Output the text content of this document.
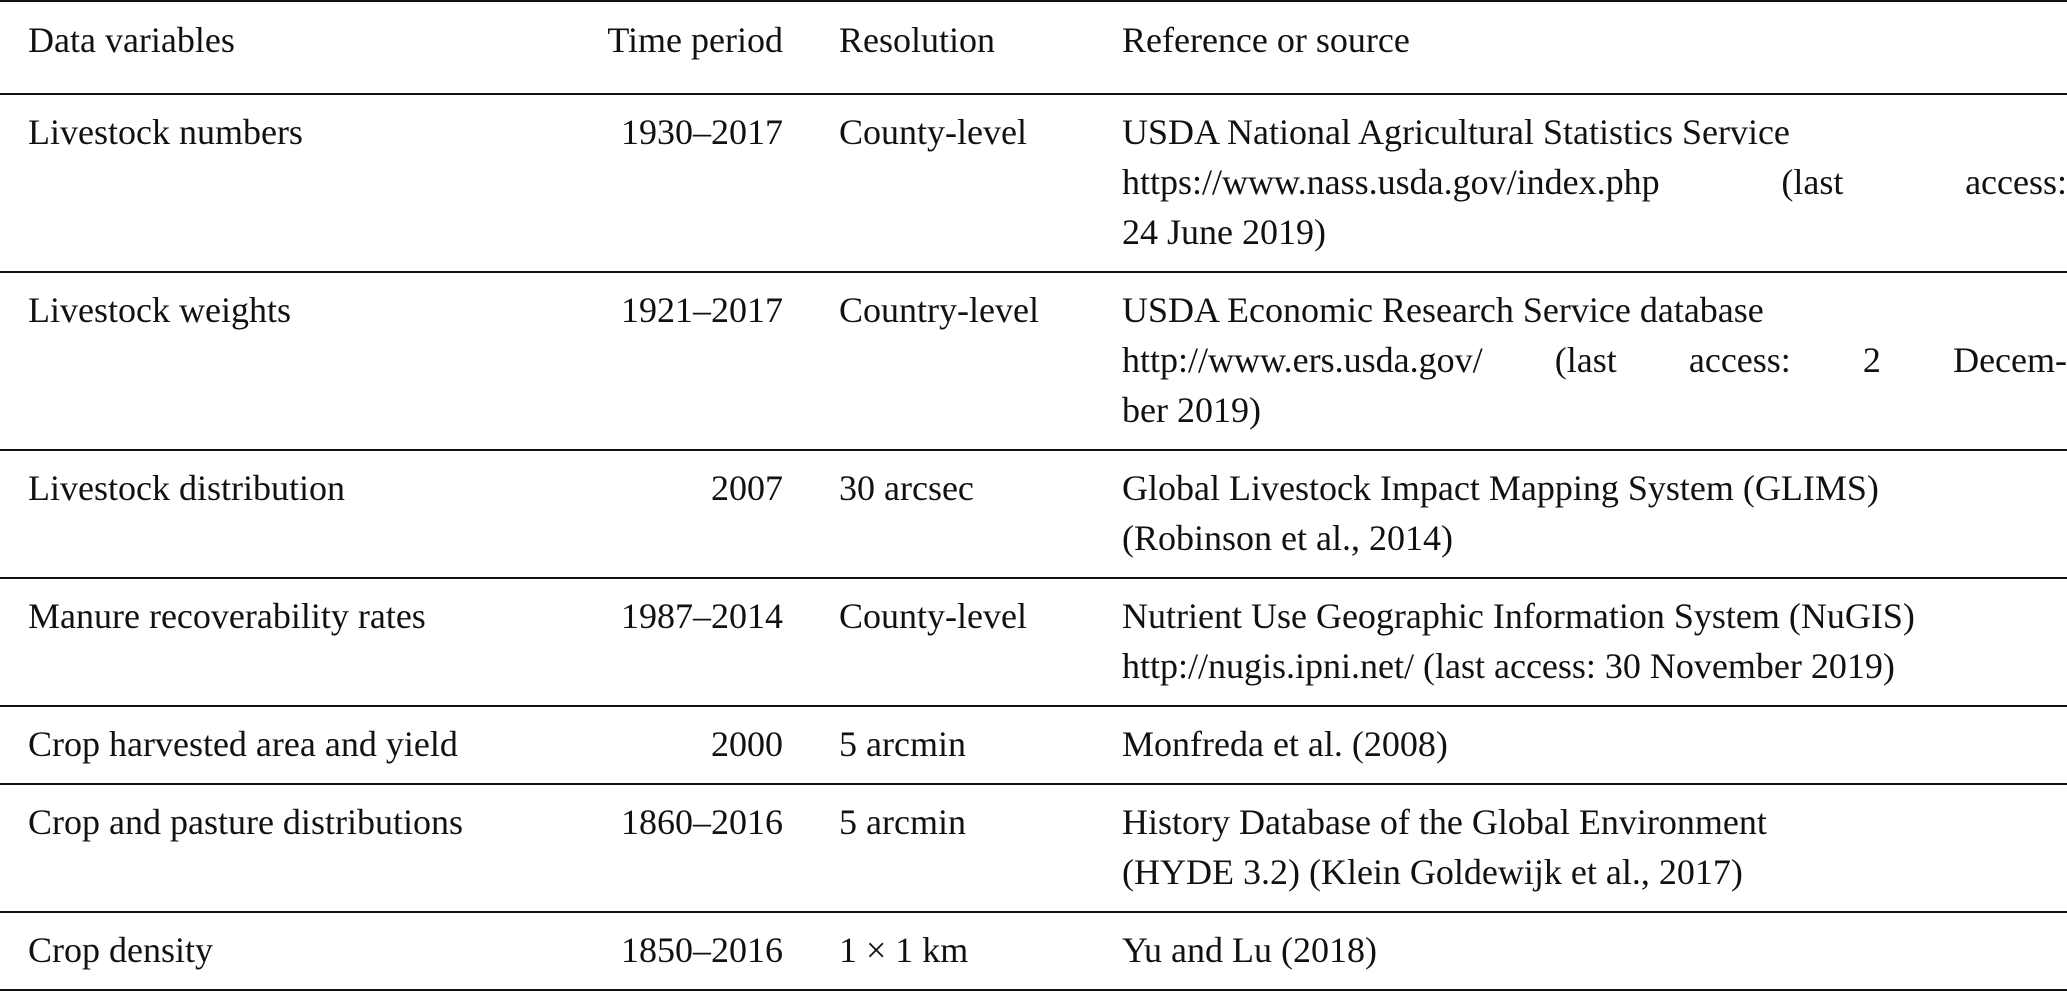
Data variables	Time period	Resolution	Reference or source
Livestock numbers	1930–2017	County-level	USDA National Agricultural Statistics Service
https://www.nass.usda.gov/index.php (last access:
24 June 2019)

Livestock weights	1921–2017	Country-level	USDA Economic Research Service database
http://www.ers.usda.gov/ (last access: 2 Decem-
ber 2019)

Livestock distribution	2007	30 arcsec	Global Livestock Impact Mapping System (GLIMS)
(Robinson et al., 2014)

Manure recoverability rates	1987–2014	County-level	Nutrient Use Geographic Information System (NuGIS)
http://nugis.ipni.net/ (last access: 30 November 2019)

Crop harvested area and yield	2000	5 arcmin	Monfreda et al. (2008)

Crop and pasture distributions	1860–2016	5 arcmin	History Database of the Global Environment
(HYDE 3.2) (Klein Goldewijk et al., 2017)

Crop density	1850–2016	1 × 1 km	Yu and Lu (2018)
